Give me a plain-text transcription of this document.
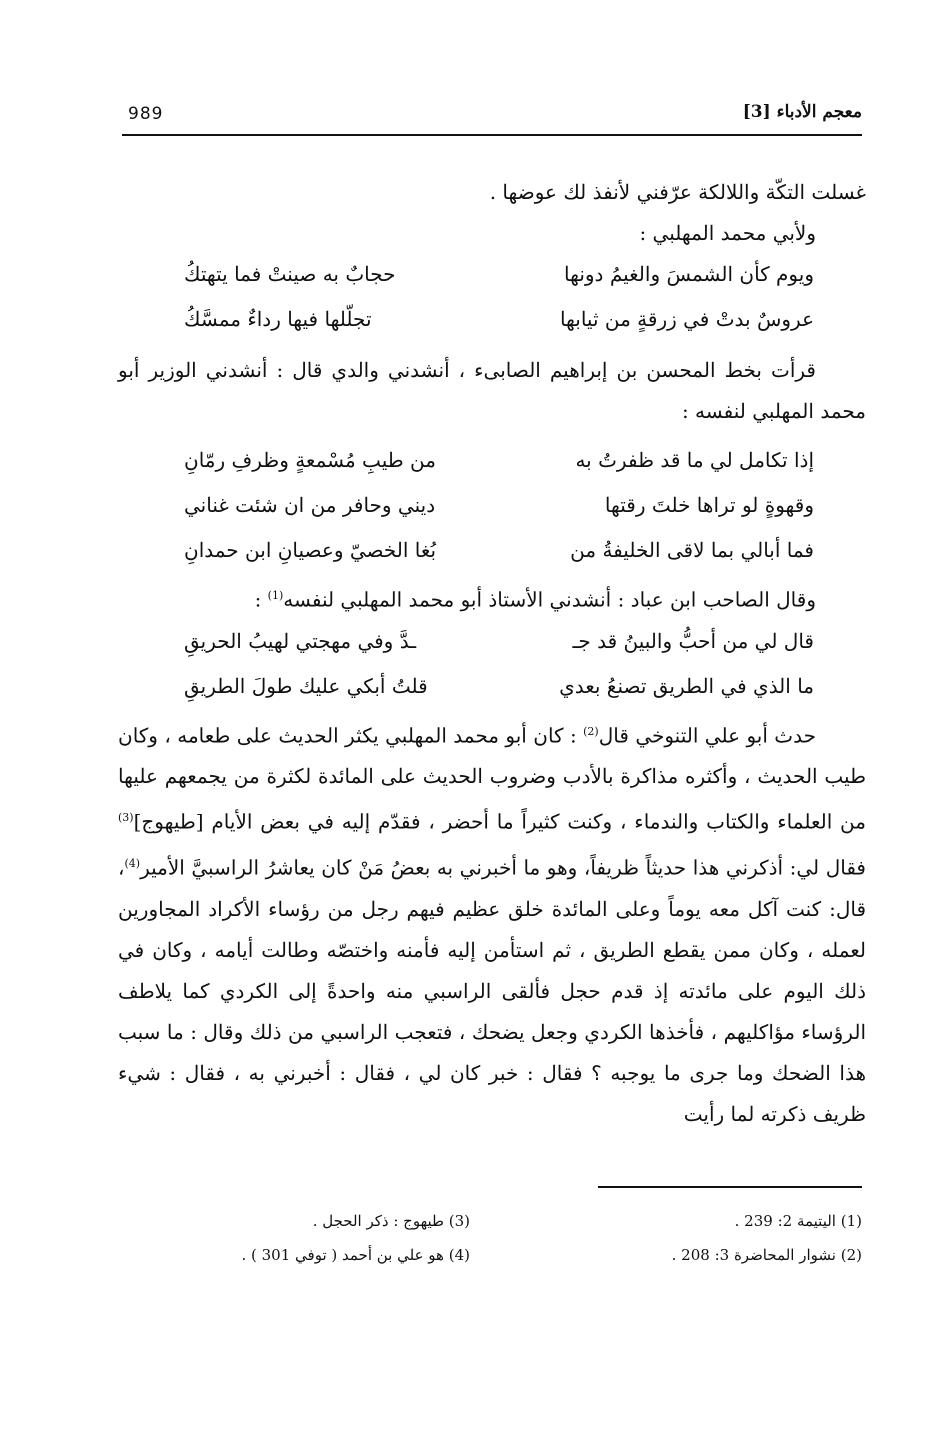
989	معجم الأدباء [3]

غسلت التكّة واللالكة عرّفني لأنفذ لك عوضها .

ولأبي محمد المهلبي :

ويوم كأن الشمسَ والغيمُ دونها
حجابٌ به صينتْ فما يتهتكُ
عروسٌ بدتْ في زرقةٍ من ثيابها
تجلّلها فيها رداءٌ ممسَّكُ

قرأت بخط المحسن بن إبراهيم الصابىء ، أنشدني والدي قال : أنشدني الوزير أبو محمد المهلبي لنفسه :

إذا تكامل لي ما قد ظفرتُ به
من طيبِ مُسْمعةٍ وظرفِ رمّانِ
وقهوةٍ لو تراها خلتَ رقتها
ديني وحافر من ان شئت غناني
فما أبالي بما لاقى الخليفةُ من
بُغا الخصيّ وعصيانِ ابن حمدانِ

وقال الصاحب ابن عباد : أنشدني الأستاذ أبو محمد المهلبي لنفسه$^{(1)}$ :

قال لي من أحبُّ والبينُ قد جـ
ـدَّ وفي مهجتي لهيبُ الحريقِ
ما الذي في الطريق تصنعُ بعدي
قلتُ أبكي عليك طولَ الطريقِ

حدث أبو علي التنوخي قال$^{(2)}$ : كان أبو محمد المهلبي يكثر الحديث على طعامه ، وكان طيب الحديث ، وأكثره مذاكرة بالأدب وضروب الحديث على المائدة لكثرة من يجمعهم عليها من العلماء والكتاب والندماء ، وكنت كثيراً ما أحضر ، فقدّم إليه في بعض الأيام [طيهوج]$^{(3)}$ فقال لي: أذكرني هذا حديثاً ظريفاً، وهو ما أخبرني به بعضُ مَنْ كان يعاشرُ الراسبيَّ الأمير$^{(4)}$، قال: كنت آكل معه يوماً وعلى المائدة خلق عظيم فيهم رجل من رؤساء الأكراد المجاورين لعمله ، وكان ممن يقطع الطريق ، ثم استأمن إليه فأمنه واختصّه وطالت أيامه ، وكان في ذلك اليوم على مائدته إذ قدم حجل فألقى الراسبي منه واحدةً إلى الكردي كما يلاطف الرؤساء مؤاكليهم ، فأخذها الكردي وجعل يضحك ، فتعجب الراسبي من ذلك وقال : ما سبب هذا الضحك وما جرى ما يوجبه ؟ فقال : خبر كان لي ، فقال : أخبرني به ، فقال : شيء ظريف ذكرته لما رأيت

(1) اليتيمة 2: 239 .
(3) طيهوج : ذكر الحجل .
(2) نشوار المحاضرة 3: 208 .
(4) هو علي بن أحمد ( توفي 301 ) .
